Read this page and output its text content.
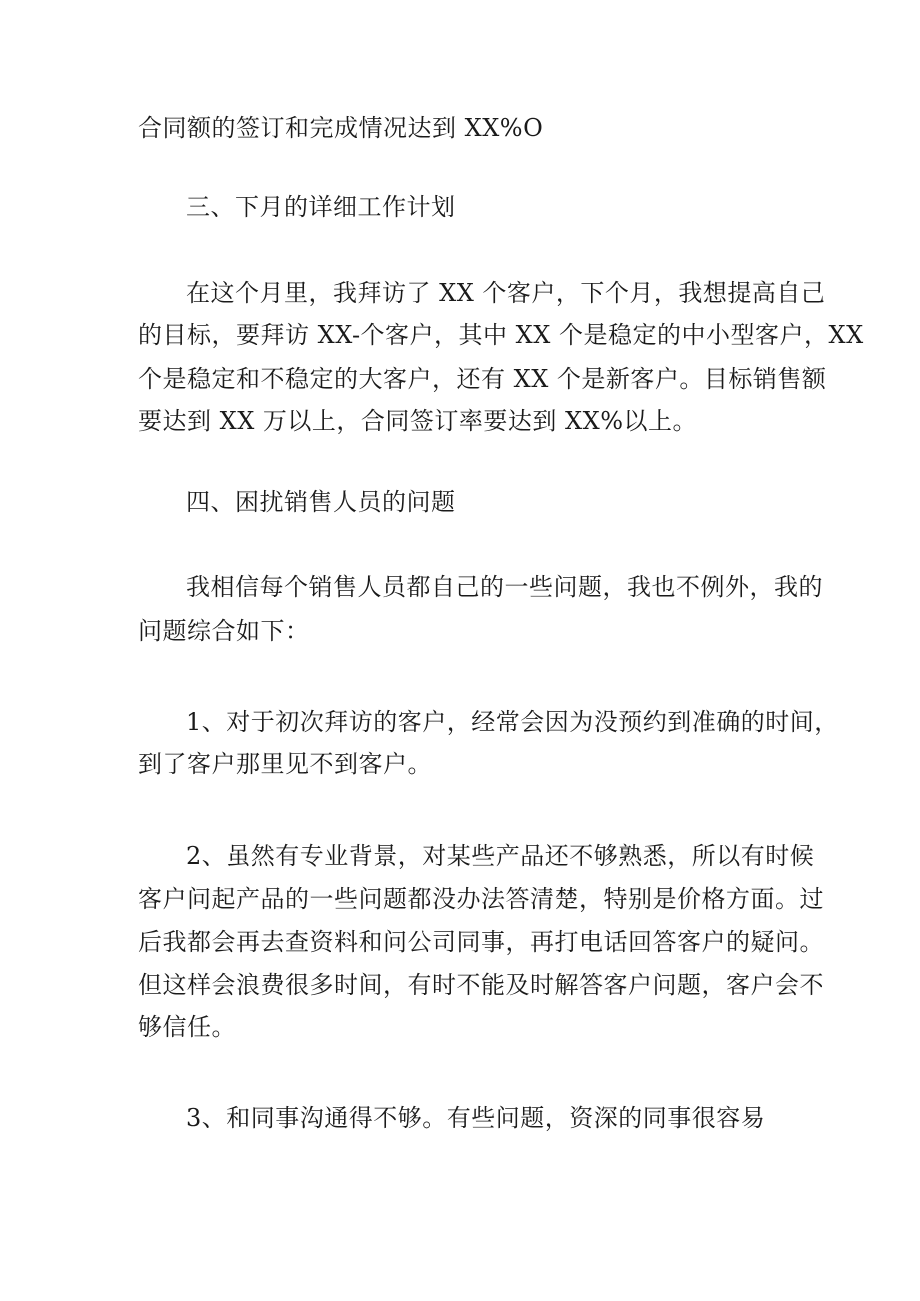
合同额的签订和完成情况达到 XX%O
三、下月的详细工作计划
在这个月里，我拜访了 XX 个客户，下个月，我想提高自己
的目标，要拜访 XX-个客户，其中 XX 个是稳定的中小型客户，XX
个是稳定和不稳定的大客户，还有 XX 个是新客户。目标销售额
要达到 XX 万以上，合同签订率要达到 XX%以上。
四、困扰销售人员的问题
我相信每个销售人员都自己的一些问题，我也不例外，我的
问题综合如下：
1、对于初次拜访的客户，经常会因为没预约到准确的时间，
到了客户那里见不到客户。
2、虽然有专业背景，对某些产品还不够熟悉，所以有时候
客户问起产品的一些问题都没办法答清楚，特别是价格方面。过
后我都会再去查资料和问公司同事，再打电话回答客户的疑问。
但这样会浪费很多时间，有时不能及时解答客户问题，客户会不
够信任。
3、和同事沟通得不够。有些问题，资深的同事很容易
